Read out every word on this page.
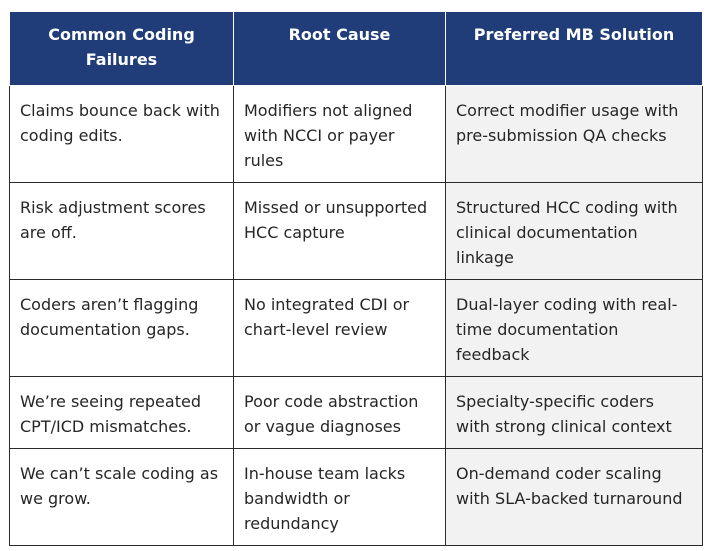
Common Coding Failures	Root Cause	Preferred MB Solution
Claims bounce back with coding edits.	Modifiers not aligned with NCCI or payer rules	Correct modifier usage with pre-submission QA checks
Risk adjustment scores are off.	Missed or unsupported HCC capture	Structured HCC coding with clinical documentation linkage
Coders aren’t flagging documentation gaps.	No integrated CDI or chart-level review	Dual-layer coding with real-time documentation feedback
We’re seeing repeated CPT/ICD mismatches.	Poor code abstraction or vague diagnoses	Specialty-specific coders with strong clinical context
We can’t scale coding as we grow.	In-house team lacks bandwidth or redundancy	On-demand coder scaling with SLA-backed turnaround
